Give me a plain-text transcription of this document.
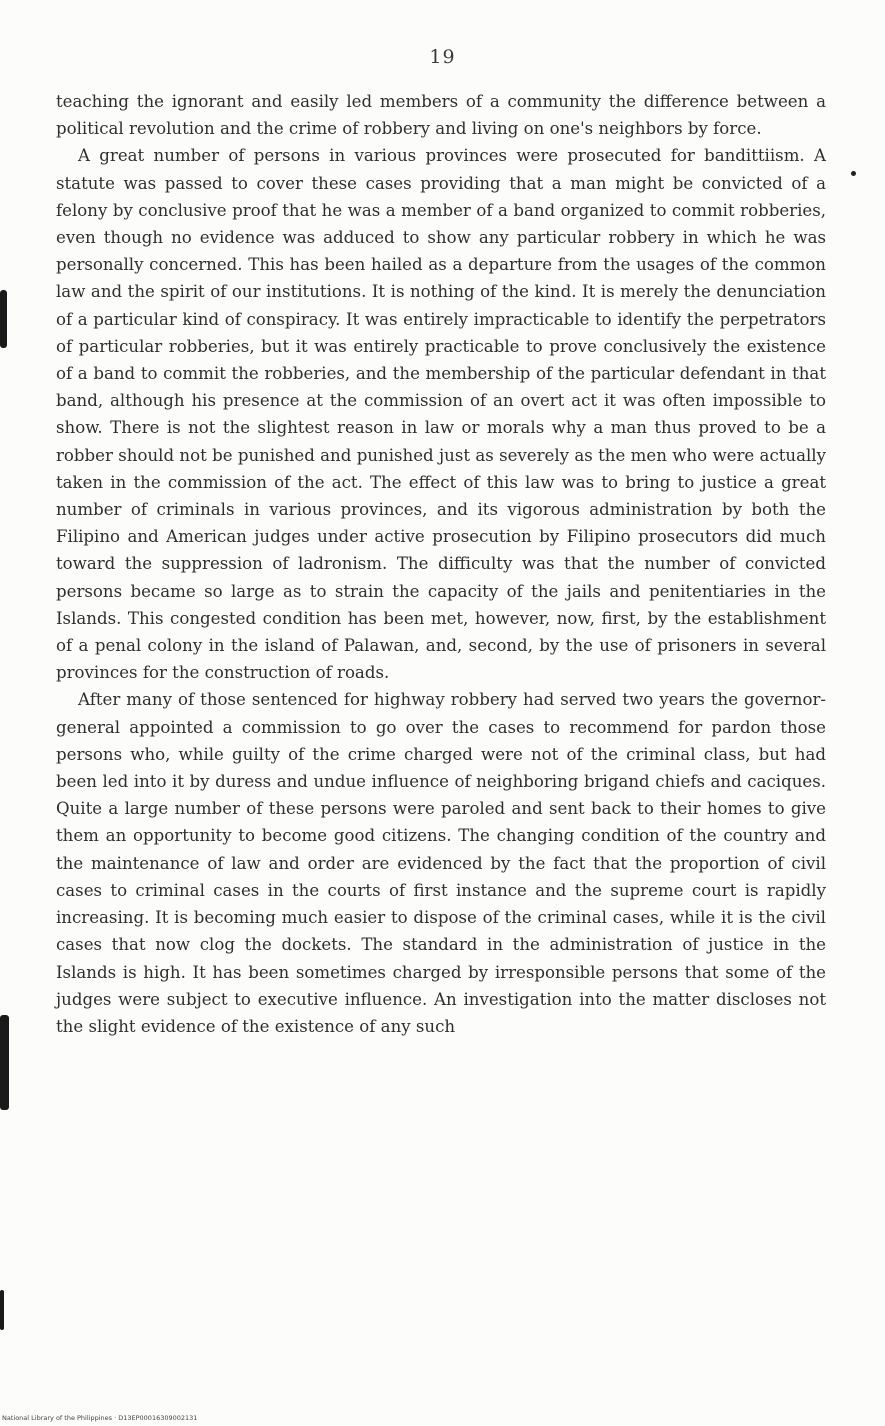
19

teaching the ignorant and easily led members of a community the difference between a political revolution and the crime of robbery and living on one's neighbors by force.

A great number of persons in various provinces were prosecuted for bandittiism. A statute was passed to cover these cases providing that a man might be convicted of a felony by conclusive proof that he was a member of a band organized to commit robberies, even though no evidence was adduced to show any particular robbery in which he was personally concerned. This has been hailed as a departure from the usages of the common law and the spirit of our institutions. It is nothing of the kind. It is merely the denunciation of a particular kind of conspiracy. It was entirely impracticable to identify the perpetrators of particular robberies, but it was entirely practicable to prove conclusively the existence of a band to commit the robberies, and the membership of the particular defendant in that band, although his presence at the commission of an overt act it was often impossible to show. There is not the slightest reason in law or morals why a man thus proved to be a robber should not be punished and punished just as severely as the men who were actually taken in the commission of the act. The effect of this law was to bring to justice a great number of criminals in various provinces, and its vigorous administration by both the Filipino and American judges under active prosecution by Filipino prosecutors did much toward the suppression of ladronism. The difficulty was that the number of convicted persons became so large as to strain the capacity of the jails and penitentiaries in the Islands. This congested condition has been met, however, now, first, by the establishment of a penal colony in the island of Palawan, and, second, by the use of prisoners in several provinces for the construction of roads.

After many of those sentenced for highway robbery had served two years the governor-general appointed a commission to go over the cases to recommend for pardon those persons who, while guilty of the crime charged were not of the criminal class, but had been led into it by duress and undue influence of neighboring brigand chiefs and caciques. Quite a large number of these persons were paroled and sent back to their homes to give them an opportunity to become good citizens. The changing condition of the country and the maintenance of law and order are evidenced by the fact that the proportion of civil cases to criminal cases in the courts of first instance and the supreme court is rapidly increasing. It is becoming much easier to dispose of the criminal cases, while it is the civil cases that now clog the dockets. The standard in the administration of justice in the Islands is high. It has been sometimes charged by irresponsible persons that some of the judges were subject to executive influence. An investigation into the matter discloses not the slight evidence of the existence of any such

National Library of the Philippines · D13EP00016309002131
